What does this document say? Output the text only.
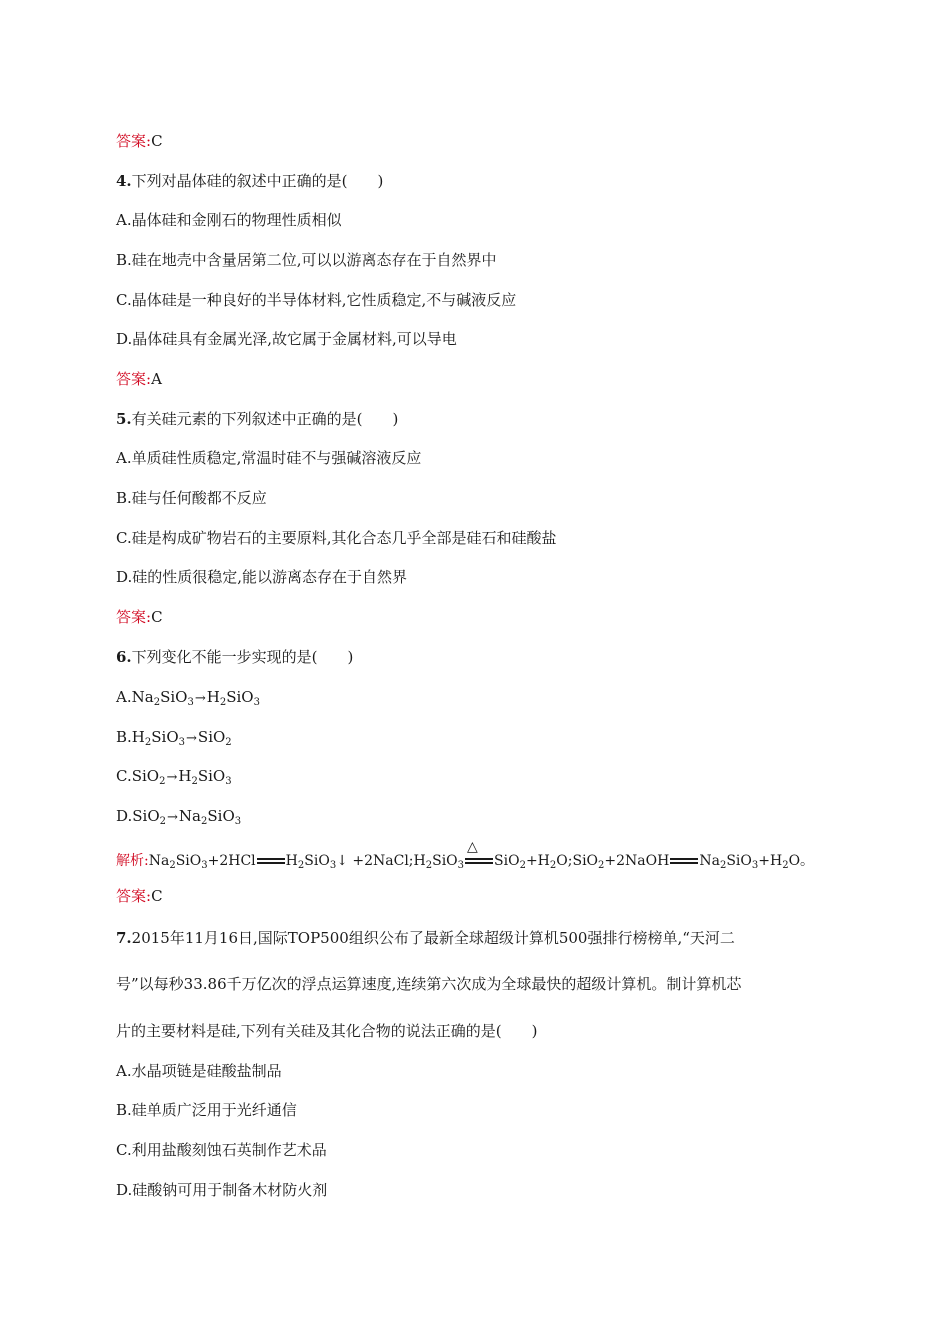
答案:C
4.下列对晶体硅的叙述中正确的是(　　)
A.晶体硅和金刚石的物理性质相似
B.硅在地壳中含量居第二位,可以以游离态存在于自然界中
C.晶体硅是一种良好的半导体材料,它性质稳定,不与碱液反应
D.晶体硅具有金属光泽,故它属于金属材料,可以导电
答案:A
5.有关硅元素的下列叙述中正确的是(　　)
A.单质硅性质稳定,常温时硅不与强碱溶液反应
B.硅与任何酸都不反应
C.硅是构成矿物岩石的主要原料,其化合态几乎全部是硅石和硅酸盐
D.硅的性质很稳定,能以游离态存在于自然界
答案:C
6.下列变化不能一步实现的是(　　)
$A.Na_2SiO_3\to H_2SiO_3$
$B.H_2SiO_3\to SiO_2$
$C.SiO_2\to H_2SiO_3$
$D.SiO_2\to Na_2SiO_3$
解析$:Na_2SiO_3+2HCl$ $H_2SiO_3↓$ $+2NaCl;H_2SiO_3$
△
$SiO_2+H_2O;SiO_2+2NaOH$ $Na_2SiO_3+H_2O$。
答案:C
7.2015年11月16日,国际TOP500组织公布了最新全球超级计算机500强排行榜榜单,“天河二
号”以每秒33.86千万亿次的浮点运算速度,连续第六次成为全球最快的超级计算机。制计算机芯
片的主要材料是硅,下列有关硅及其化合物的说法正确的是(　　)
A.水晶项链是硅酸盐制品
B.硅单质广泛用于光纤通信
C.利用盐酸刻蚀石英制作艺术品
D.硅酸钠可用于制备木材防火剂
